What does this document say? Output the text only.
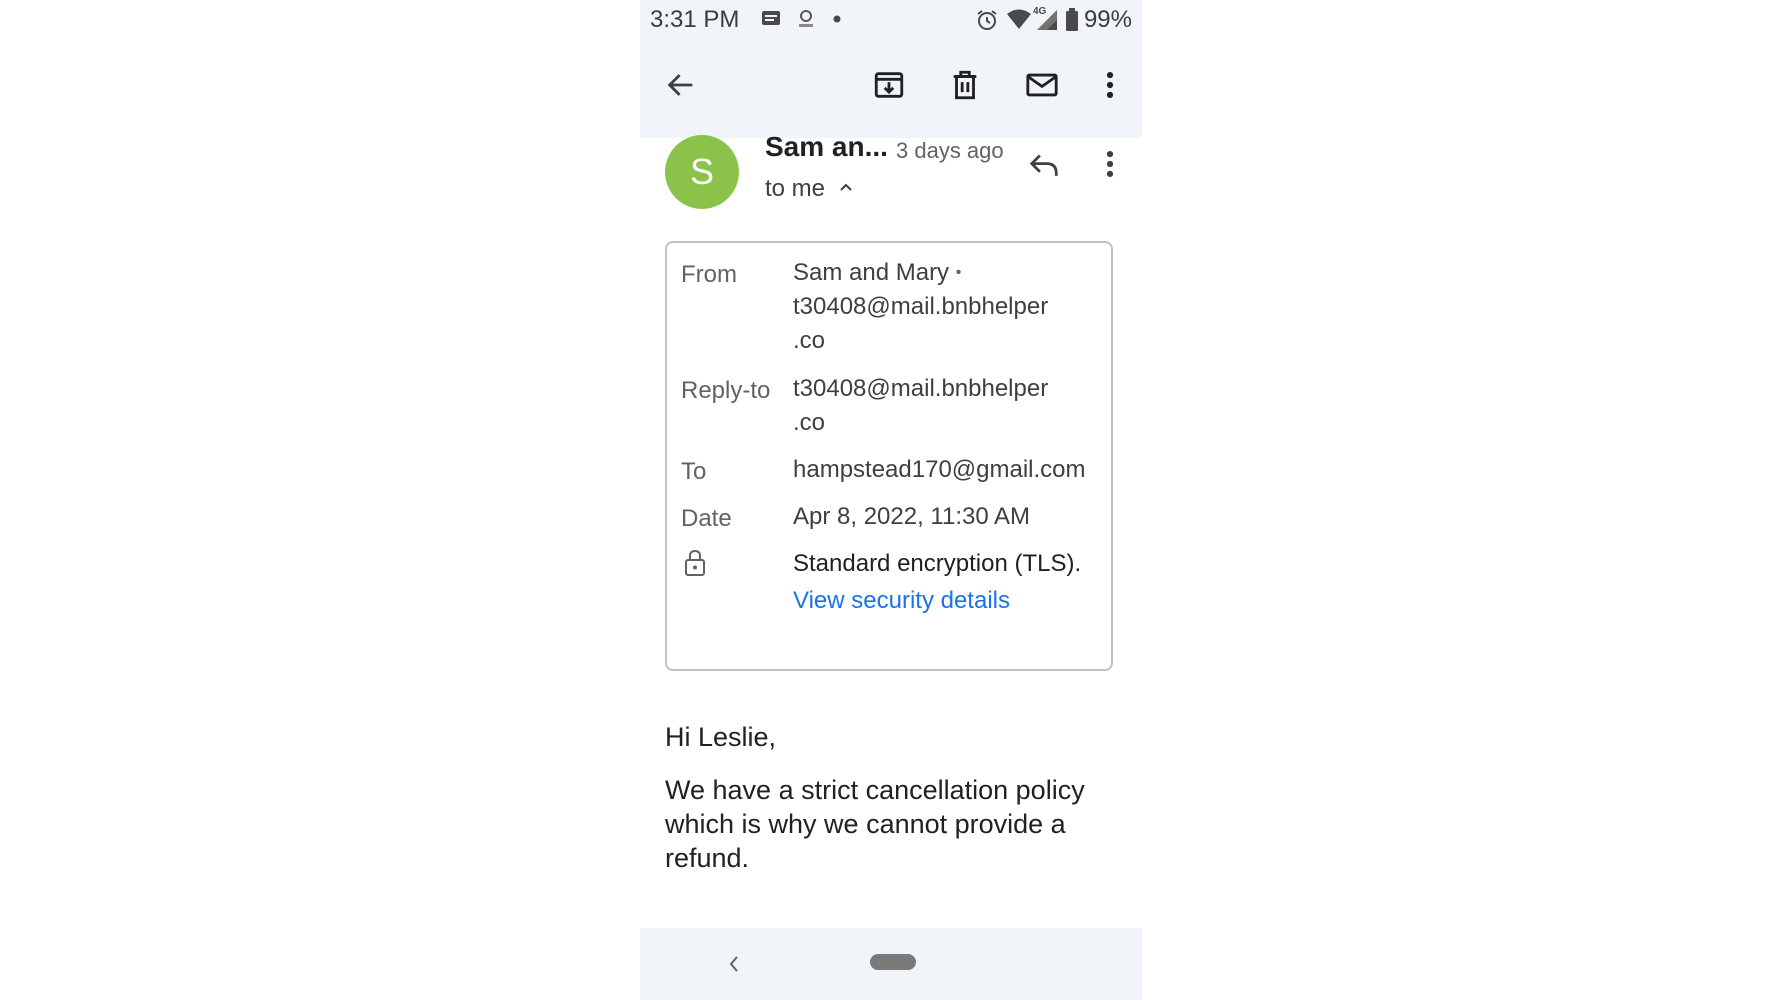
3:31 PM	4G 99%
S
Sam an... 3 days ago
to me
From Sam and Mary •
t30408@mail.bnbhelper
.co
Reply-to t30408@mail.bnbhelper
.co
To	hampstead170@gmail.com
Date	Apr 8, 2022, 11:30 AM
Standard encryption (TLS).
View security details
Hi Leslie,
We have a strict cancellation policy
which is why we cannot provide a
refund.
